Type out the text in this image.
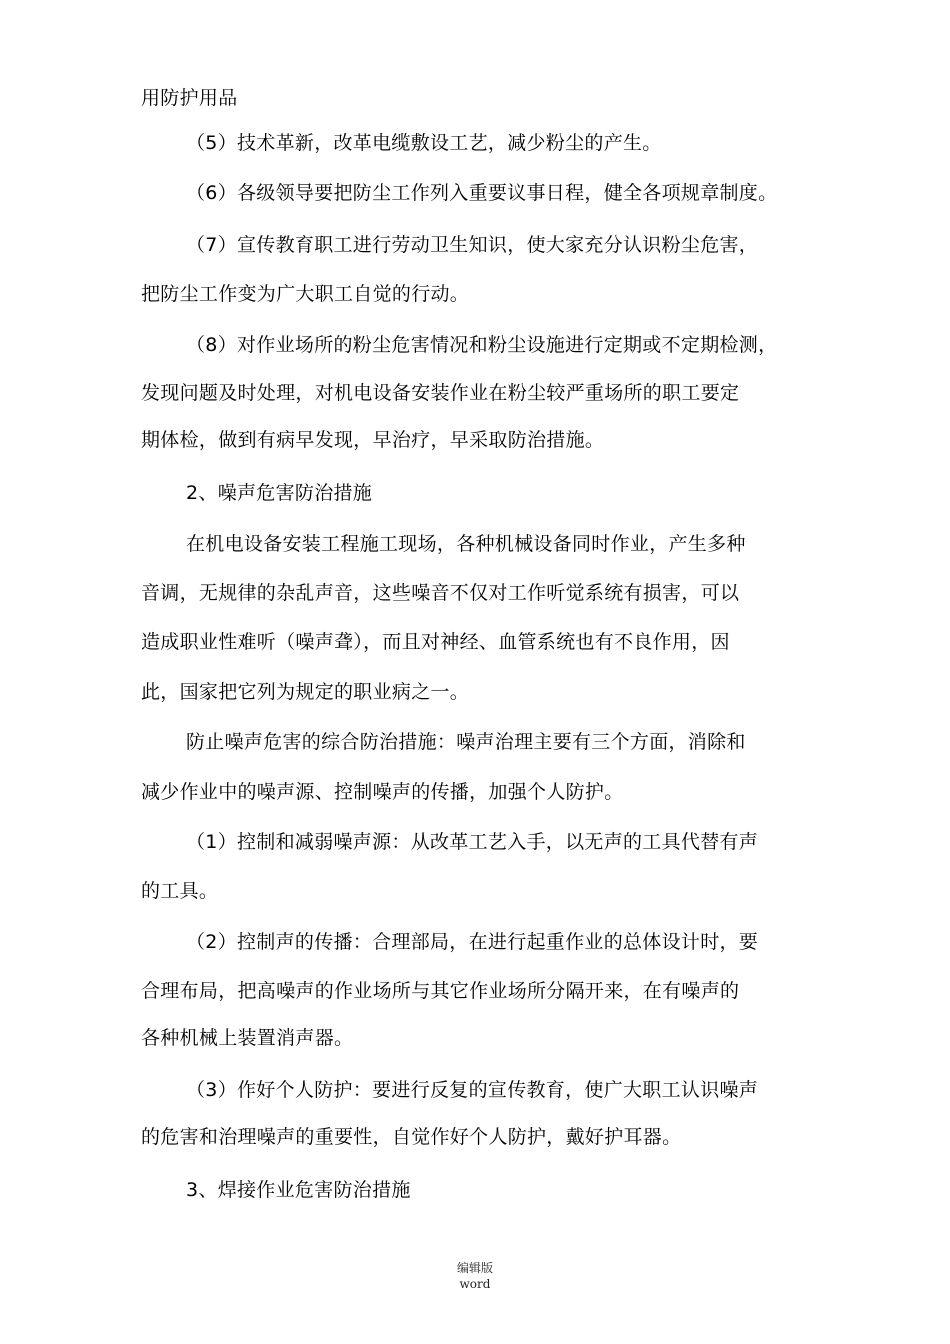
用防护用品
（5）技术革新，改革电缆敷设工艺，减少粉尘的产生。
（6）各级领导要把防尘工作列入重要议事日程，健全各项规章制度。
（7）宣传教育职工进行劳动卫生知识，使大家充分认识粉尘危害，
把防尘工作变为广大职工自觉的行动。
（8）对作业场所的粉尘危害情况和粉尘设施进行定期或不定期检测，
发现问题及时处理，对机电设备安装作业在粉尘较严重场所的职工要定
期体检，做到有病早发现，早治疗，早采取防治措施。
2、噪声危害防治措施
在机电设备安装工程施工现场，各种机械设备同时作业，产生多种
音调，无规律的杂乱声音，这些噪音不仅对工作听觉系统有损害，可以
造成职业性难听（噪声聋），而且对神经、血管系统也有不良作用，因
此，国家把它列为规定的职业病之一。
防止噪声危害的综合防治措施：噪声治理主要有三个方面，消除和
减少作业中的噪声源、控制噪声的传播，加强个人防护。
（1）控制和减弱噪声源：从改革工艺入手，以无声的工具代替有声
的工具。
（2）控制声的传播：合理部局，在进行起重作业的总体设计时，要
合理布局，把高噪声的作业场所与其它作业场所分隔开来，在有噪声的
各种机械上装置消声器。
（3）作好个人防护：要进行反复的宣传教育，使广大职工认识噪声
的危害和治理噪声的重要性，自觉作好个人防护，戴好护耳器。
3、焊接作业危害防治措施
编辑版
word
